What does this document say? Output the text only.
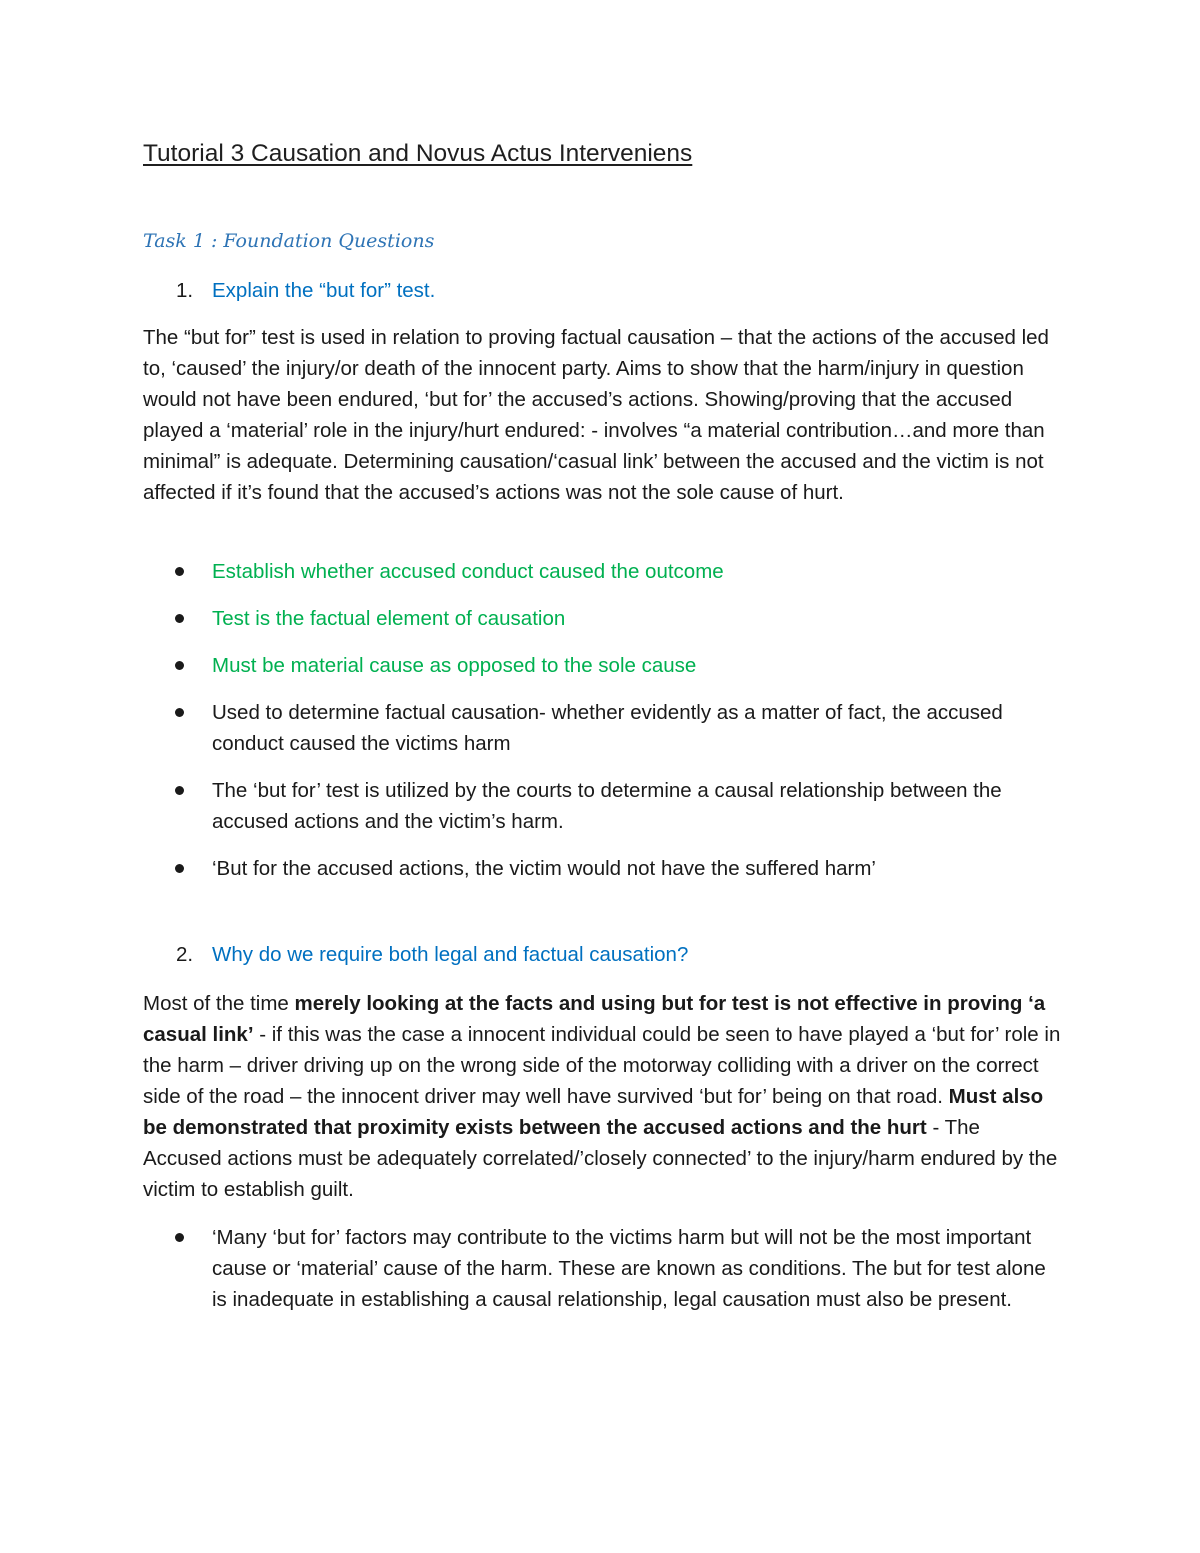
Tutorial 3 Causation and Novus Actus Interveniens
Task 1 : Foundation Questions
1. Explain the “but for” test.
The “but for” test is used in relation to proving factual causation – that the actions of the accused led to, ‘caused’ the injury/or death of the innocent party. Aims to show that the harm/injury in question would not have been endured, ‘but for’ the accused’s actions. Showing/proving that the accused played a ‘material’ role in the injury/hurt endured: - involves “a material contribution…and more than minimal” is adequate. Determining causation/‘casual link’ between the accused and the victim is not affected if it’s found that the accused’s actions was not the sole cause of hurt.
Establish whether accused conduct caused the outcome
Test is the factual element of causation
Must be material cause as opposed to the sole cause
Used to determine factual causation- whether evidently as a matter of fact, the accused conduct caused the victims harm
The ‘but for’ test is utilized by the courts to determine a causal relationship between the accused actions and the victim’s harm.
‘But for the accused actions, the victim would not have the suffered harm’
2. Why do we require both legal and factual causation?
Most of the time merely looking at the facts and using but for test is not effective in proving ‘a casual link’ - if this was the case a innocent individual could be seen to have played a ‘but for’ role in the harm – driver driving up on the wrong side of the motorway colliding with a driver on the correct side of the road – the innocent driver may well have survived ‘but for’ being on that road. Must also be demonstrated that proximity exists between the accused actions and the hurt - The Accused actions must be adequately correlated/’closely connected’ to the injury/harm endured by the victim to establish guilt.
‘Many ‘but for’ factors may contribute to the victims harm but will not be the most important cause or ‘material’ cause of the harm. These are known as conditions. The but for test alone is inadequate in establishing a causal relationship, legal causation must also be present.
